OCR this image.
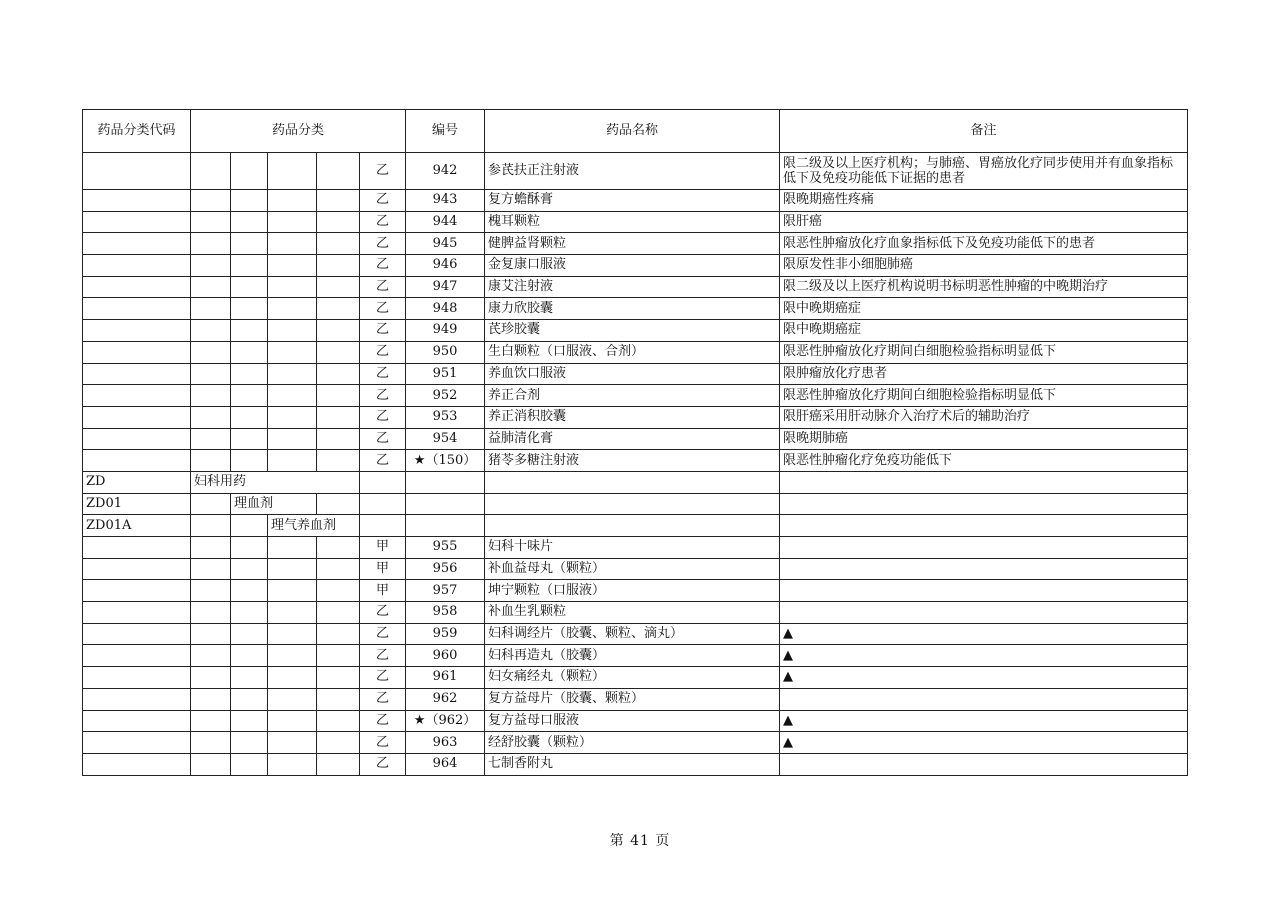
药品分类代码	药品分类					编号	药品名称	备注
					乙	942	参芪扶正注射液	限二级及以上医疗机构；与肺癌、胃癌放化疗同步使用并有血象指标低下及免疫功能低下证据的患者
					乙	943	复方蟾酥膏	限晚期癌性疼痛
					乙	944	槐耳颗粒	限肝癌
					乙	945	健脾益肾颗粒	限恶性肿瘤放化疗血象指标低下及免疫功能低下的患者
					乙	946	金复康口服液	限原发性非小细胞肺癌
					乙	947	康艾注射液	限二级及以上医疗机构说明书标明恶性肿瘤的中晚期治疗
					乙	948	康力欣胶囊	限中晚期癌症
					乙	949	芪珍胶囊	限中晚期癌症
					乙	950	生白颗粒（口服液、合剂）	限恶性肿瘤放化疗期间白细胞检验指标明显低下
					乙	951	养血饮口服液	限肿瘤放化疗患者
					乙	952	养正合剂	限恶性肿瘤放化疗期间白细胞检验指标明显低下
					乙	953	养正消积胶囊	限肝癌采用肝动脉介入治疗术后的辅助治疗
					乙	954	益肺清化膏	限晚期肺癌
					乙	★（150）	猪苓多糖注射液	限恶性肿瘤化疗免疫功能低下
ZD	妇科用药							
ZD01		理血剂						
ZD01A			理气养血剂					
					甲	955	妇科十味片	
					甲	956	补血益母丸（颗粒）	
					甲	957	坤宁颗粒（口服液）	
					乙	958	补血生乳颗粒	
					乙	959	妇科调经片（胶囊、颗粒、滴丸）	▲
					乙	960	妇科再造丸（胶囊）	▲
					乙	961	妇女痛经丸（颗粒）	▲
					乙	962	复方益母片（胶囊、颗粒）	
					乙	★（962）	复方益母口服液	▲
					乙	963	经舒胶囊（颗粒）	▲
					乙	964	七制香附丸	
第 41 页
